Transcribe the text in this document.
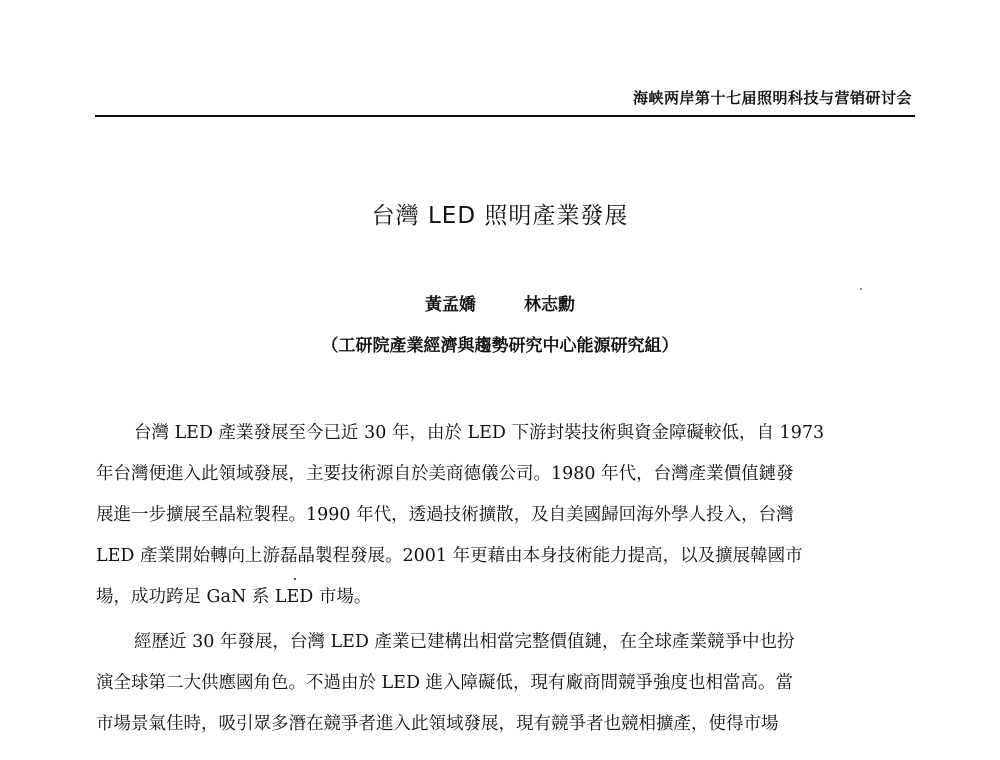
海峡两岸第十七届照明科技与营销研讨会
台灣 LED 照明產業發展
黃孟嬌	林志勳
（工研院產業經濟與趨勢研究中心能源研究組）
台灣 LED 產業發展至今已近 30 年，由於 LED 下游封裝技術與資金障礙較低，自 1973
年台灣便進入此領域發展，主要技術源自於美商德儀公司。1980 年代，台灣產業價值鏈發
展進一步擴展至晶粒製程。1990 年代，透過技術擴散，及自美國歸回海外學人投入，台灣
LED 產業開始轉向上游磊晶製程發展。2001 年更藉由本身技術能力提高，以及擴展韓國市
場，成功跨足 GaN 系 LED 市場。
經歷近 30 年發展，台灣 LED 產業已建構出相當完整價值鏈，在全球產業競爭中也扮
演全球第二大供應國角色。不過由於 LED 進入障礙低，現有廠商間競爭強度也相當高。當
市場景氣佳時，吸引眾多潛在競爭者進入此領域發展，現有競爭者也競相擴產，使得市場
